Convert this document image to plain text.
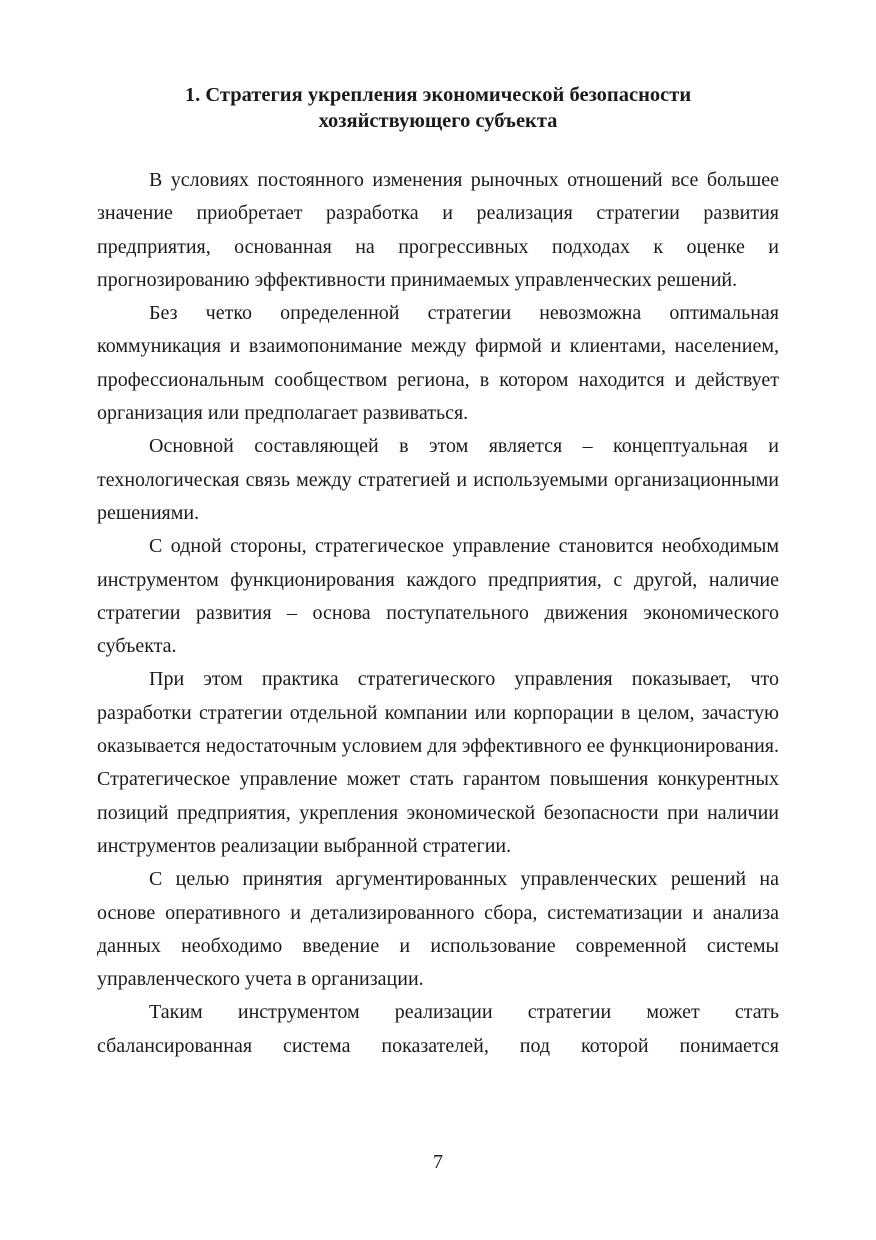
1. Стратегия укрепления экономической безопасности
хозяйствующего субъекта

В условиях постоянного изменения рыночных отношений все большее значение приобретает разработка и реализация стратегии развития предприятия, основанная на прогрессивных подходах к оценке и прогнозированию эффективности принимаемых управленческих решений.

Без четко определенной стратегии невозможна оптимальная коммуникация и взаимопонимание между фирмой и клиентами, населением, профессиональным сообществом региона, в котором находится и действует организация или предполагает развиваться.

Основной составляющей в этом является – концептуальная и технологическая связь между стратегией и используемыми организационными решениями.

С одной стороны, стратегическое управление становится необходимым инструментом функционирования каждого предприятия, с другой, наличие стратегии развития – основа поступательного движения экономического субъекта.

При этом практика стратегического управления показывает, что разработки стратегии отдельной компании или корпорации в целом, зачастую оказывается недостаточным условием для эффективного ее функционирования. Стратегическое управление может стать гарантом повышения конкурентных позиций предприятия, укрепления экономической безопасности при наличии инструментов реализации выбранной стратегии.

С целью принятия аргументированных управленческих решений на основе оперативного и детализированного сбора, систематизации и анализа данных необходимо введение и использование современной системы управленческого учета в организации.

Таким инструментом реализации стратегии может стать сбалансированная система показателей, под которой понимается

7
